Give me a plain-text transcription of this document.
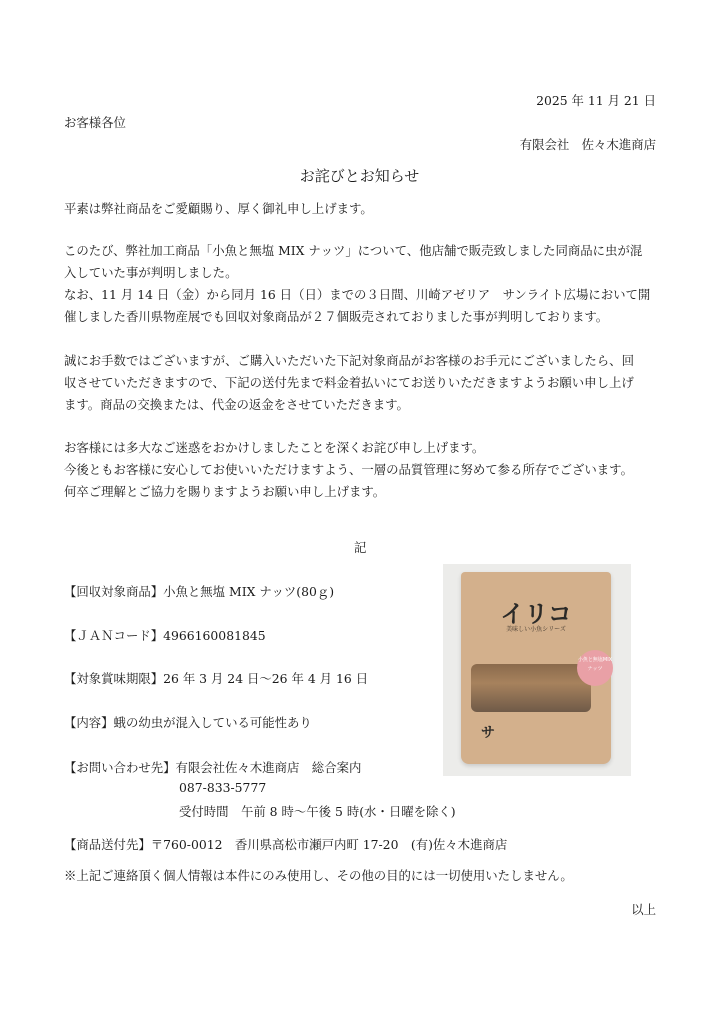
2025 年 11 月 21 日
お客様各位
有限会社　佐々木進商店
お詫びとお知らせ

平素は弊社商品をご愛顧賜り、厚く御礼申し上げます。

このたび、弊社加工商品「小魚と無塩 MIX ナッツ」について、他店舗で販売致しました同商品に虫が混

入していた事が判明しました。

なお、11 月 14 日（金）から同月 16 日（日）までの３日間、川崎アゼリア　サンライト広場において開

催しました香川県物産展でも回収対象商品が２７個販売されておりました事が判明しております。

誠にお手数ではございますが、ご購入いただいた下記対象商品がお客様のお手元にございましたら、回

収させていただきますので、下記の送付先まで料金着払いにてお送りいただきますようお願い申し上げ

ます。商品の交換または、代金の返金をさせていただきます。

お客様には多大なご迷惑をおかけしましたことを深くお詫び申し上げます。

今後ともお客様に安心してお使いいただけますよう、一層の品質管理に努めて参る所存でございます。

何卒ご理解とご協力を賜りますようお願い申し上げます。

記
【回収対象商品】小魚と無塩 MIX ナッツ(80ｇ)
【ＪＡＮコード】4966160081845
【対象賞味期限】26 年 3 月 24 日〜26 年 4 月 16 日
【内容】蛾の幼虫が混入している可能性あり
【お問い合わせ先】有限会社佐々木進商店　総合案内
087-833-5777
受付時間　午前 8 時〜午後 5 時(水・日曜を除く)
【商品送付先】〒760-0012　香川県高松市瀬戸内町 17-20　(有)佐々木進商店
※上記ご連絡頂く個人情報は本件にのみ使用し、その他の目的には一切使用いたしません。
以上
イリコ
美味しい小魚シリーズ
小魚と無塩MIXナッツ
サ
